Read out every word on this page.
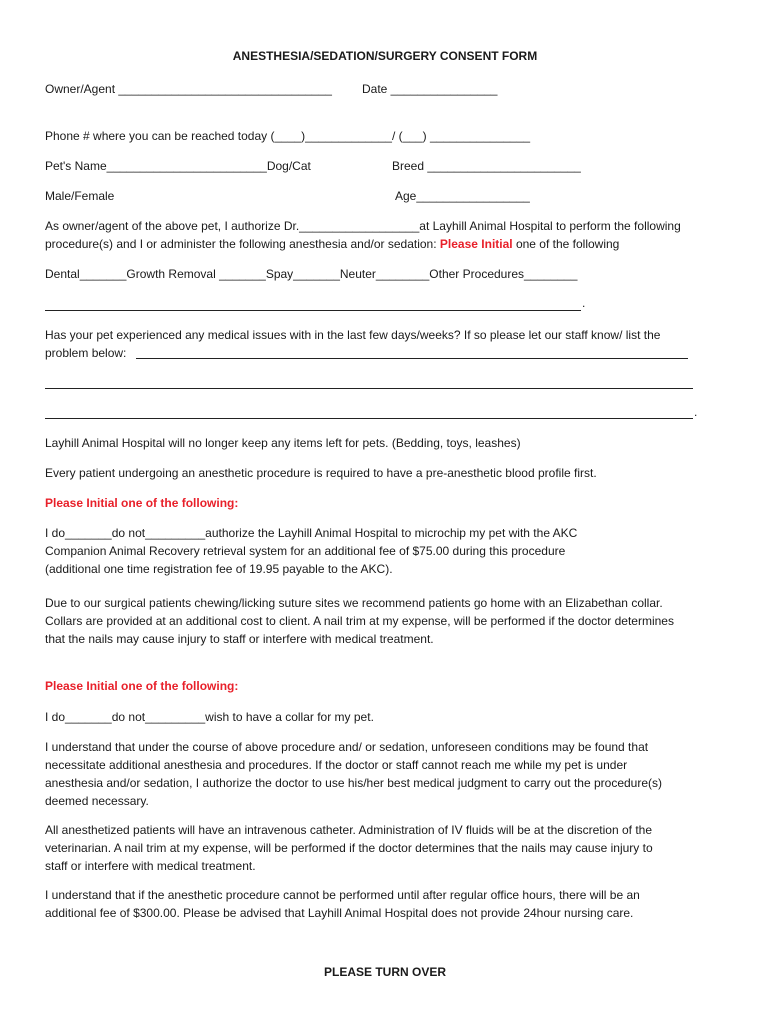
ANESTHESIA/SEDATION/SURGERY CONSENT FORM
Owner/Agent ________________________________	Date ________________
Phone # where you can be reached today (____)_____________/ (___) _______________
Pet's Name________________________Dog/Cat	Breed _______________________
Male/Female	Age_________________
As owner/agent of the above pet, I authorize Dr.__________________at Layhill Animal Hospital to perform the following
procedure(s) and I or administer the following anesthesia and/or sedation: Please Initial one of the following
Dental_______Growth Removal _______Spay_______Neuter________Other Procedures________
.
Has your pet experienced any medical issues with in the last few days/weeks? If so please let our staff know/ list the
problem below:
.
Layhill Animal Hospital will no longer keep any items left for pets. (Bedding, toys, leashes)
Every patient undergoing an anesthetic procedure is required to have a pre-anesthetic blood profile first.
Please Initial one of the following:
I do_______do not_________authorize the Layhill Animal Hospital to microchip my pet with the AKC
Companion Animal Recovery retrieval system for an additional fee of $75.00 during this procedure
(additional one time registration fee of 19.95 payable to the AKC).
Due to our surgical patients chewing/licking suture sites we recommend patients go home with an Elizabethan collar.
Collars are provided at an additional cost to client. A nail trim at my expense, will be performed if the doctor determines
that the nails may cause injury to staff or interfere with medical treatment.
Please Initial one of the following:
I do_______do not_________wish to have a collar for my pet.
I understand that under the course of above procedure and/ or sedation, unforeseen conditions may be found that
necessitate additional anesthesia and procedures. If the doctor or staff cannot reach me while my pet is under
anesthesia and/or sedation, I authorize the doctor to use his/her best medical judgment to carry out the procedure(s)
deemed necessary.
All anesthetized patients will have an intravenous catheter. Administration of IV fluids will be at the discretion of the
veterinarian. A nail trim at my expense, will be performed if the doctor determines that the nails may cause injury to
staff or interfere with medical treatment.
I understand that if the anesthetic procedure cannot be performed until after regular office hours, there will be an
additional fee of $300.00. Please be advised that Layhill Animal Hospital does not provide 24hour nursing care.
PLEASE TURN OVER
